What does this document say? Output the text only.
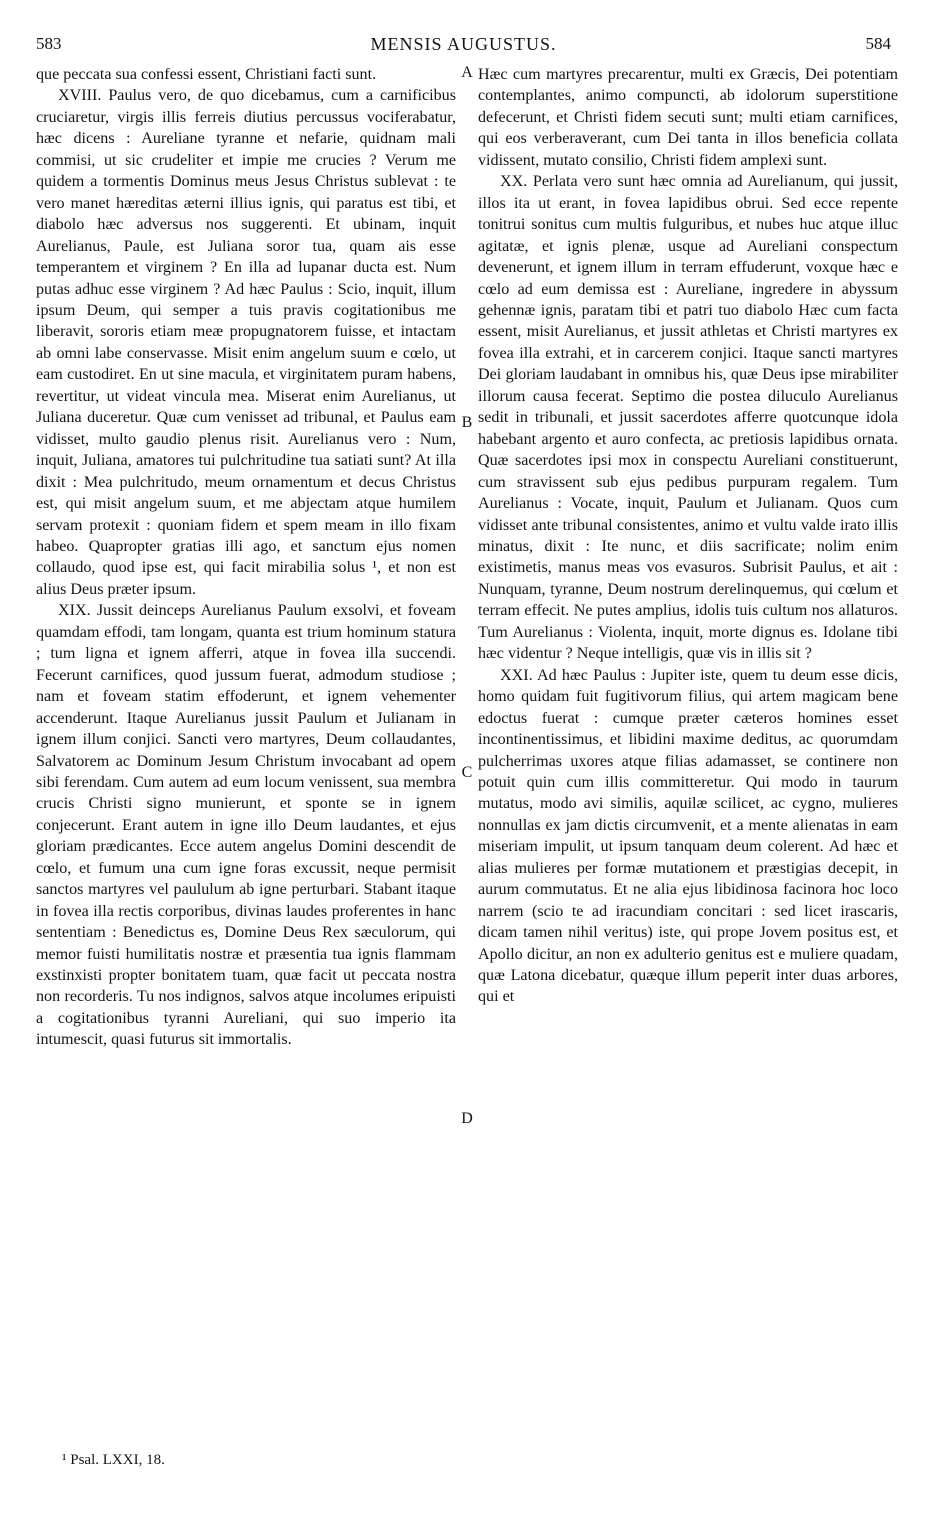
583	MENSIS AUGUSTUS.	584

que peccata sua confessi essent, Christiani facti sunt.

XVIII. Paulus vero, de quo dicebamus, cum a carnificibus cruciaretur, virgis illis ferreis diutius percussus vociferabatur, hæc dicens : Aureliane tyranne et nefarie, quidnam mali commisi, ut sic crudeliter et impie me crucies ? Verum me quidem a tormentis Dominus meus Jesus Christus sublevat : te vero manet hæreditas æterni illius ignis, qui paratus est tibi, et diabolo hæc adversus nos suggerenti. Et ubinam, inquit Aurelianus, Paule, est Juliana soror tua, quam ais esse temperantem et virginem ? En illa ad lupanar ducta est. Num putas adhuc esse virginem ? Ad hæc Paulus : Scio, inquit, illum ipsum Deum, qui semper a tuis pravis cogitationibus me liberavit, sororis etiam meæ propugnatorem fuisse, et intactam ab omni labe conservasse. Misit enim angelum suum e cœlo, ut eam custodiret. En ut sine macula, et virginitatem puram habens, revertitur, ut videat vincula mea. Miserat enim Aurelianus, ut Juliana duceretur. Quæ cum venisset ad tribunal, et Paulus eam vidisset, multo gaudio plenus risit. Aurelianus vero : Num, inquit, Juliana, amatores tui pulchritudine tua satiati sunt? At illa dixit : Mea pulchritudo, meum ornamentum et decus Christus est, qui misit angelum suum, et me abjectam atque humilem servam protexit : quoniam fidem et spem meam in illo fixam habeo. Quapropter gratias illi ago, et sanctum ejus nomen collaudo, quod ipse est, qui facit mirabilia solus ¹, et non est alius Deus præter ipsum.

XIX. Jussit deinceps Aurelianus Paulum exsolvi, et foveam quamdam effodi, tam longam, quanta est trium hominum statura ; tum ligna et ignem afferri, atque in fovea illa succendi. Fecerunt carnifices, quod jussum fuerat, admodum studiose ; nam et foveam statim effoderunt, et ignem vehementer accenderunt. Itaque Aurelianus jussit Paulum et Julianam in ignem illum conjici. Sancti vero martyres, Deum collaudantes, Salvatorem ac Dominum Jesum Christum invocabant ad opem sibi ferendam. Cum autem ad eum locum venissent, sua membra crucis Christi signo munierunt, et sponte se in ignem conjecerunt. Erant autem in igne illo Deum laudantes, et ejus gloriam prædicantes. Ecce autem angelus Domini descendit de cœlo, et fumum una cum igne foras excussit, neque permisit sanctos martyres vel paululum ab igne perturbari. Stabant itaque in fovea illa rectis corporibus, divinas laudes proferentes in hanc sententiam : Benedictus es, Domine Deus Rex sæculorum, qui memor fuisti humilitatis nostræ et præsentia tua ignis flammam exstinxisti propter bonitatem tuam, quæ facit ut peccata nostra non recorderis. Tu nos indignos, salvos atque incolumes eripuisti a cogitationibus tyranni Aureliani, qui suo imperio ita intumescit, quasi futurus sit immortalis.

Hæc cum martyres precarentur, multi ex Græcis, Dei potentiam contemplantes, animo compuncti, ab idolorum superstitione defecerunt, et Christi fidem secuti sunt; multi etiam carnifices, qui eos verberaverant, cum Dei tanta in illos beneficia collata vidissent, mutato consilio, Christi fidem amplexi sunt.

XX. Perlata vero sunt hæc omnia ad Aurelianum, qui jussit, illos ita ut erant, in fovea lapidibus obrui. Sed ecce repente tonitrui sonitus cum multis fulguribus, et nubes huc atque illuc agitatæ, et ignis plenæ, usque ad Aureliani conspectum devenerunt, et ignem illum in terram effuderunt, voxque hæc e cœlo ad eum demissa est : Aureliane, ingredere in abyssum gehennæ ignis, paratam tibi et patri tuo diabolo Hæc cum facta essent, misit Aurelianus, et jussit athletas et Christi martyres ex fovea illa extrahi, et in carcerem conjici. Itaque sancti martyres Dei gloriam laudabant in omnibus his, quæ Deus ipse mirabiliter illorum causa fecerat. Septimo die postea diluculo Aurelianus sedit in tribunali, et jussit sacerdotes afferre quotcunque idola habebant argento et auro confecta, ac pretiosis lapidibus ornata. Quæ sacerdotes ipsi mox in conspectu Aureliani constituerunt, cum stravissent sub ejus pedibus purpuram regalem. Tum Aurelianus : Vocate, inquit, Paulum et Julianam. Quos cum vidisset ante tribunal consistentes, animo et vultu valde irato illis minatus, dixit : Ite nunc, et diis sacrificate; nolim enim existimetis, manus meas vos evasuros. Subrisit Paulus, et ait : Nunquam, tyranne, Deum nostrum derelinquemus, qui cœlum et terram effecit. Ne putes amplius, idolis tuis cultum nos allaturos. Tum Aurelianus : Violenta, inquit, morte dignus es. Idolane tibi hæc videntur ? Neque intelligis, quæ vis in illis sit ?

XXI. Ad hæc Paulus : Jupiter iste, quem tu deum esse dicis, homo quidam fuit fugitivorum filius, qui artem magicam bene edoctus fuerat : cumque præter cæteros homines esset incontinentissimus, et libidini maxime deditus, ac quorumdam pulcherrimas uxores atque filias adamasset, se continere non potuit quin cum illis committeretur. Qui modo in taurum mutatus, modo avi similis, aquilæ scilicet, ac cygno, mulieres nonnullas ex jam dictis circumvenit, et a mente alienatas in eam miseriam impulit, ut ipsum tanquam deum colerent. Ad hæc et alias mulieres per formæ mutationem et præstigias decepit, in aurum commutatus. Et ne alia ejus libidinosa facinora hoc loco narrem (scio te ad iracundiam concitari : sed licet irascaris, dicam tamen nihil veritus) iste, qui prope Jovem positus est, et Apollo dicitur, an non ex adulterio genitus est e muliere quadam, quæ Latona dicebatur, quæque illum peperit inter duas arbores, qui et

A
B
C
D
¹ Psal. LXXI, 18.
